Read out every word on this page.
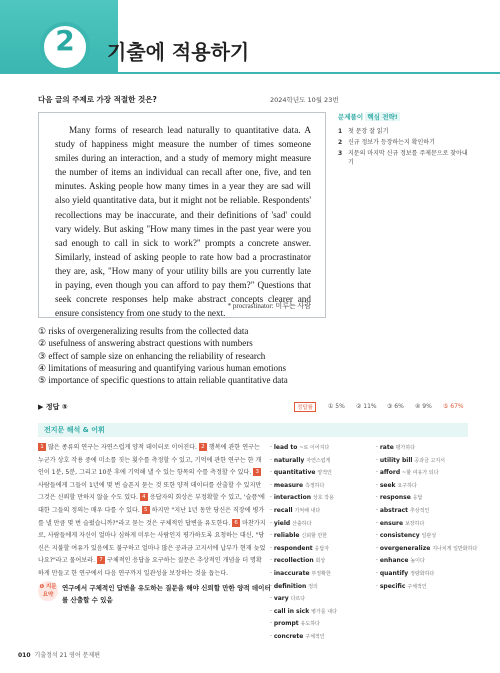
2	기출에 적용하기
다음 글의 주제로 가장 적절한 것은?	2024학년도 10월 23번

Many forms of research lead naturally to quantitative data. A study of happiness might measure the number of times someone smiles during an interaction, and a study of memory might measure the number of items an individual can recall after one, five, and ten minutes. Asking people how many times in a year they are sad will also yield quantitative data, but it might not be reliable. Respondents' recollections may be inaccurate, and their definitions of 'sad' could vary widely. But asking "How many times in the past year were you sad enough to call in sick to work?" prompts a concrete answer. Similarly, instead of asking people to rate how bad a procrastinator they are, ask, "How many of your utility bills are you currently late in paying, even though you can afford to pay them?" Questions that seek concrete responses help make abstract concepts clearer and ensure consistency from one study to the next.

* procrastinator: 미루는 사람
문제풀이 핵심 전략!
1 첫 문장 잘 읽기
2 신규 정보가 등장하는지 확인하기
3 지문의 마지막 신규 정보를 주제문으로 찾아내기
① risks of overgeneralizing results from the collected data
② usefulness of answering abstract questions with numbers
③ effect of sample size on enhancing the reliability of research
④ limitations of measuring and quantifying various human emotions
⑤ importance of specific questions to attain reliable quantitative data
▶ 정답 ⑤	정답률	① 5% ② 11% ③ 6% ④ 9% ⑤ 67%
전지문 해석 & 어휘
1 많은 종류의 연구는 자연스럽게 양적 데이터로 이어진다. 2 행복에 관한 연구는 누군가 상호 작용 중에 미소를 짓는 횟수를 측정할 수 있고, 기억에 관한 연구는 한 개인이 1분, 5분, 그리고 10분 후에 기억해 낼 수 있는 항목의 수를 측정할 수 있다. 3사람들에게 그들이 1년에 몇 번 슬픈지 묻는 것 또한 양적 데이터를 산출할 수 있지만 그것은 신뢰할 만하지 않을 수도 있다. 4 응답자의 회상은 부정확할 수 있고, '슬픔'에 대한 그들의 정의는 매우 다를 수 있다. 5 하지만 "지난 1년 동안 당신은 직장에 병가를 낼 만큼 몇 번 슬펐습니까?"라고 묻는 것은 구체적인 답변을 유도한다. 6 마찬가지로, 사람들에게 자신이 얼마나 심하게 미루는 사람인지 평가하도록 요청하는 대신, "당신은 지불할 여유가 있음에도 불구하고 얼마나 많은 공과금 고지서에 납부가 현재 늦었나요?"라고 물어보라. 7 구체적인 응답을 요구하는 질문은 추상적인 개념을 더 명확하게 만들고 한 연구에서 다음 연구까지 일관성을 보장하는 것을 돕는다.
· lead to ~로 이어지다
· naturally 자연스럽게
· quantitative 양적인
· measure 측정하다
· interaction 상호 작용
· recall 기억해 내다
· yield 산출하다
· reliable 신뢰할 만한
· respondent 응답자
· recollection 회상
· inaccurate 부정확한
· definition 정의
· vary 다르다
· call in sick 병가를 내다
· prompt 유도하다
· concrete 구체적인
· rate 평가하다
· utility bill 공과금 고지서
· afford ~할 여유가 되다
· seek 요구하다
· response 응답
· abstract 추상적인
· ensure 보장하다
· consistency 일관성
· overgeneralize 지나치게 일반화하다
· enhance 높이다
· quantify 정량화하다
· specific 구체적인
❶ 지문 요약
연구에서 구체적인 답변을 유도하는 질문을 해야 신뢰할 만한 양적 데이터를 산출할 수 있음
010 기출정석 21 영어 문제편
